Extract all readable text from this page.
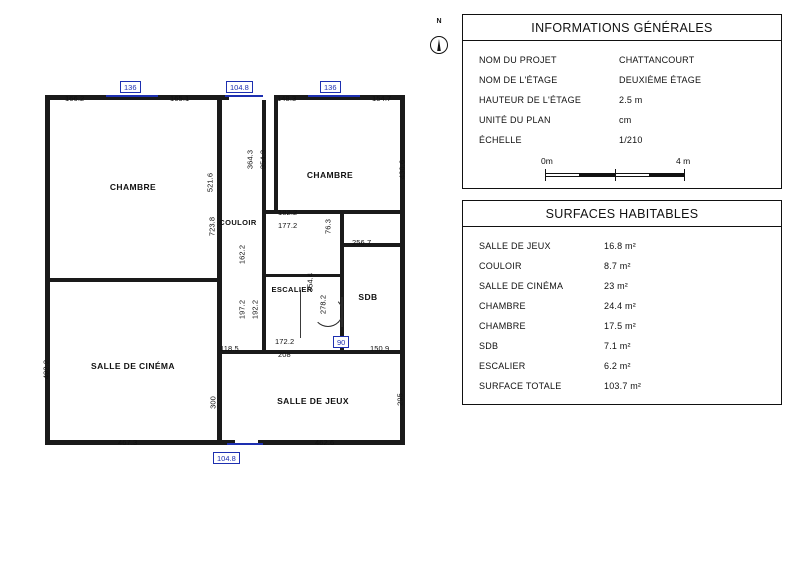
CHAMBRE
CHAMBRE
COULOIR
ESCALIER
SDB
SALLE DE CINÉMA
SALLE DE JEUX
166.2	165.1	148.3	154.7
136	104.8	136
521.6
723.8
492.2
300
364.3 354.3
162.2
182.2
177.2	76.3
256.7
354.4
278.2
197.2 192.2
118.5
172.2
208
90
150.9
430.6
295
467.3	462.6
104.8
N	INFORMATIONS GÉNÉRALES
NOM DU PROJET	CHATTANCOURT
NOM DE L'ÉTAGE	DEUXIÈME ÉTAGE
HAUTEUR DE L'ÉTAGE	2.5 m
UNITÉ DU PLAN	cm
ÉCHELLE	1/210
0m	4 m
SURFACES HABITABLES
SALLE DE JEUX	16.8 m²
COULOIR	8.7 m²
SALLE DE CINÉMA	23 m²
CHAMBRE	24.4 m²
CHAMBRE	17.5 m²
SDB	7.1 m²
ESCALIER	6.2 m²
SURFACE TOTALE	103.7 m²
